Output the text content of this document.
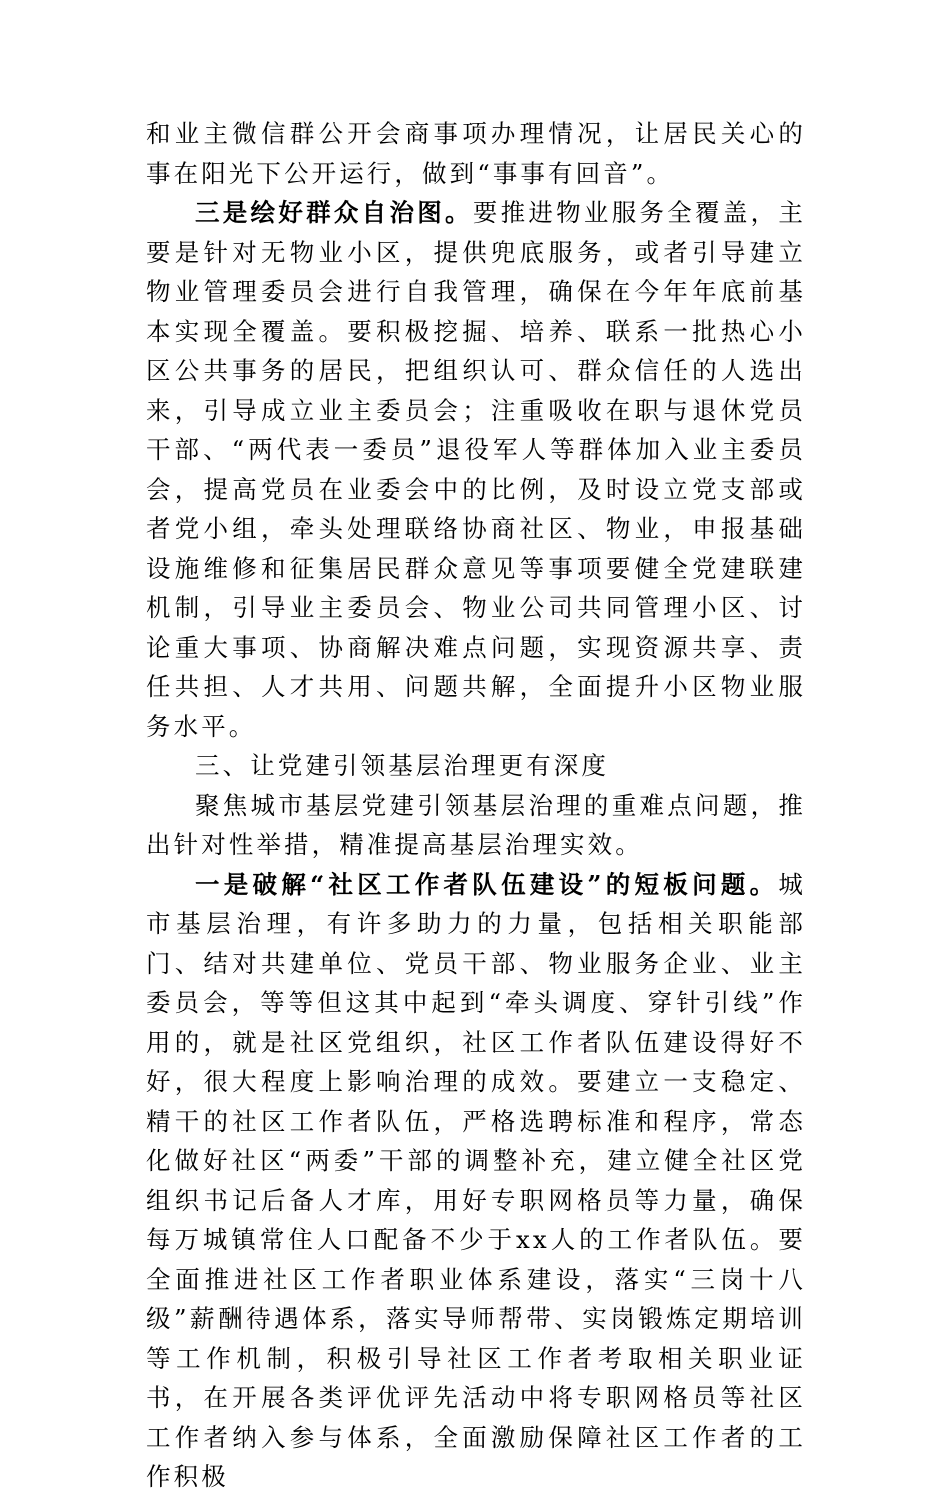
和业主微信群公开会商事项办理情况，让居民关心的事在阳光下公开运行，做到“事事有回音”。

三是绘好群众自治图。要推进物业服务全覆盖，主要是针对无物业小区，提供兜底服务，或者引导建立物业管理委员会进行自我管理，确保在今年年底前基本实现全覆盖。要积极挖掘、培养、联系一批热心小区公共事务的居民，把组织认可、群众信任的人选出来，引导成立业主委员会；注重吸收在职与退休党员干部、“两代表一委员”退役军人等群体加入业主委员会，提高党员在业委会中的比例，及时设立党支部或者党小组，牵头处理联络协商社区、物业，申报基础设施维修和征集居民群众意见等事项要健全党建联建机制，引导业主委员会、物业公司共同管理小区、讨论重大事项、协商解决难点问题，实现资源共享、责任共担、人才共用、问题共解，全面提升小区物业服务水平。

三、让党建引领基层治理更有深度

聚焦城市基层党建引领基层治理的重难点问题，推出针对性举措，精准提高基层治理实效。

一是破解“社区工作者队伍建设”的短板问题。城市基层治理，有许多助力的力量，包括相关职能部门、结对共建单位、党员干部、物业服务企业、业主委员会，等等但这其中起到“牵头调度、穿针引线”作用的，就是社区党组织，社区工作者队伍建设得好不好，很大程度上影响治理的成效。要建立一支稳定、精干的社区工作者队伍，严格选聘标准和程序，常态化做好社区“两委”干部的调整补充，建立健全社区党组织书记后备人才库，用好专职网格员等力量，确保每万城镇常住人口配备不少于xx人的工作者队伍。要全面推进社区工作者职业体系建设，落实“三岗十八级”薪酬待遇体系，落实导师帮带、实岗锻炼定期培训等工作机制，积极引导社区工作者考取相关职业证书，在开展各类评优评先活动中将专职网格员等社区工作者纳入参与体系，全面激励保障社区工作者的工作积极
